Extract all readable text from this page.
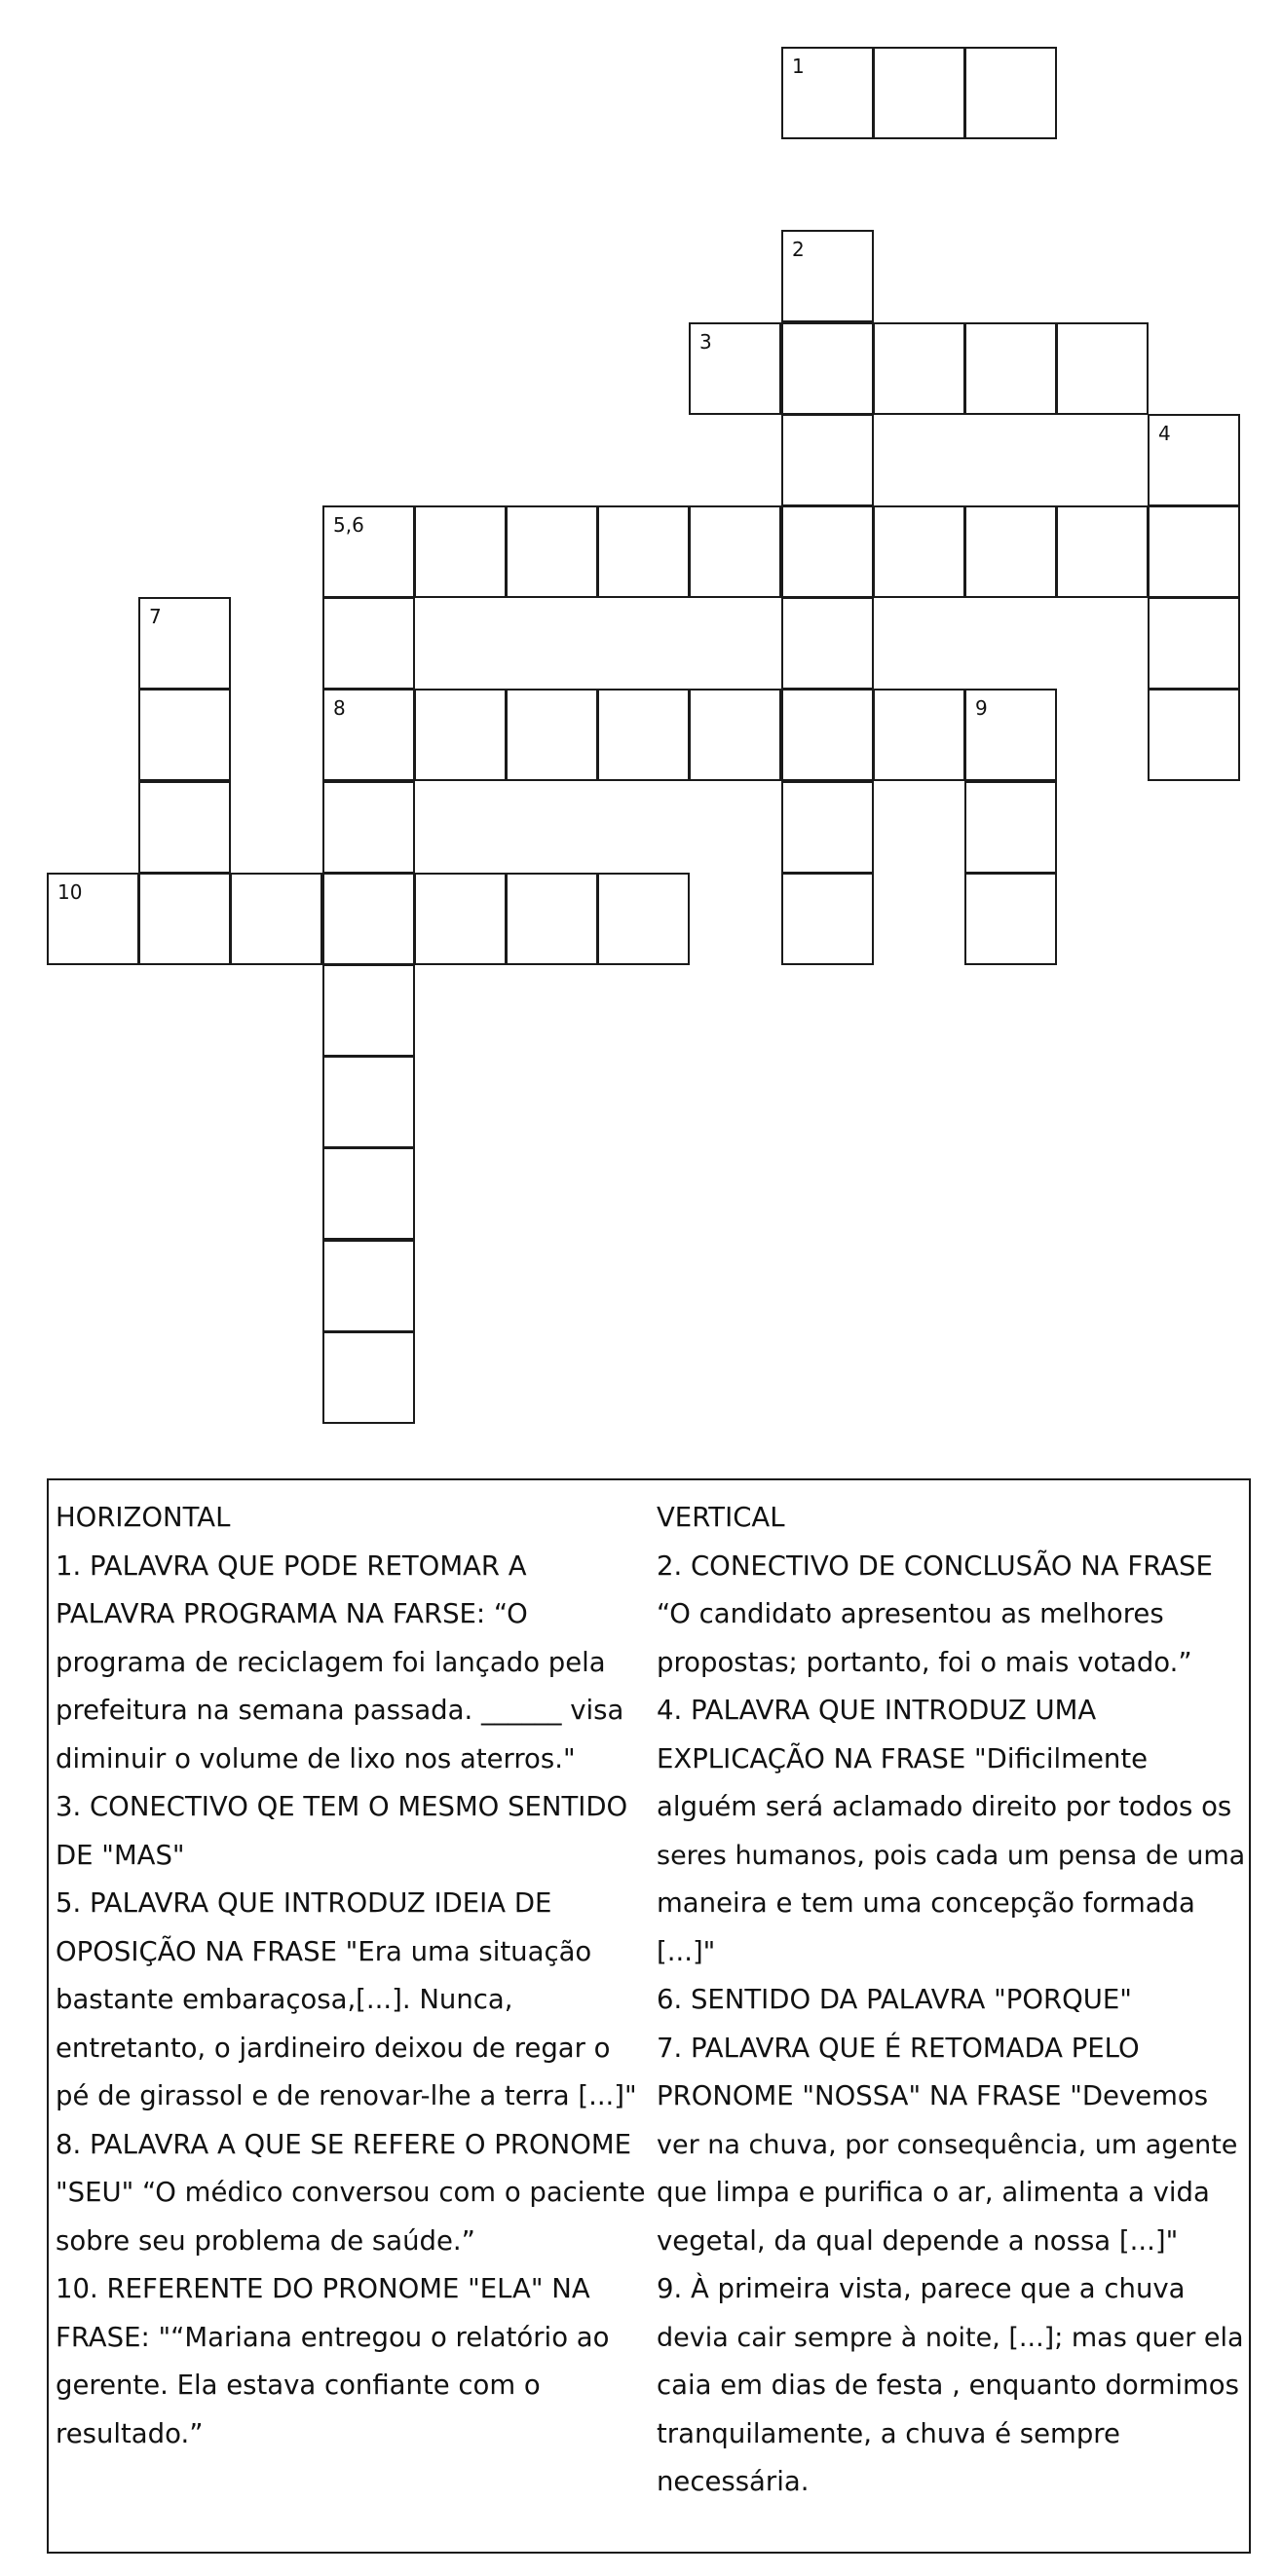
1
2
3
4
5,6
8
7
9
10
HORIZONTAL
1. PALAVRA QUE PODE RETOMAR A
PALAVRA PROGRAMA NA FARSE: “O
programa de reciclagem foi lançado pela
prefeitura na semana passada. ______ visa
diminuir o volume de lixo nos aterros."
3. CONECTIVO QE TEM O MESMO SENTIDO
DE "MAS"
5. PALAVRA QUE INTRODUZ IDEIA DE
OPOSIÇÃO NA FRASE "Era uma situação
bastante embaraçosa,[...]. Nunca,
entretanto, o jardineiro deixou de regar o
pé de girassol e de renovar-lhe a terra [...]"
8. PALAVRA A QUE SE REFERE O PRONOME
"SEU" “O médico conversou com o paciente
sobre seu problema de saúde.”
10. REFERENTE DO PRONOME "ELA" NA
FRASE: "“Mariana entregou o relatório ao
gerente. Ela estava confiante com o
resultado.”
VERTICAL
2. CONECTIVO DE CONCLUSÃO NA FRASE
“O candidato apresentou as melhores
propostas; portanto, foi o mais votado.”
4. PALAVRA QUE INTRODUZ UMA
EXPLICAÇÃO NA FRASE "Dificilmente
alguém será aclamado direito por todos os
seres humanos, pois cada um pensa de uma
maneira e tem uma concepção formada
[...]"
6. SENTIDO DA PALAVRA "PORQUE"
7. PALAVRA QUE É RETOMADA PELO
PRONOME "NOSSA" NA FRASE "Devemos
ver na chuva, por consequência, um agente
que limpa e purifica o ar, alimenta a vida
vegetal, da qual depende a nossa [...]"
9. À primeira vista, parece que a chuva
devia cair sempre à noite, [...]; mas quer ela
caia em dias de festa , enquanto dormimos
tranquilamente, a chuva é sempre
necessária.
